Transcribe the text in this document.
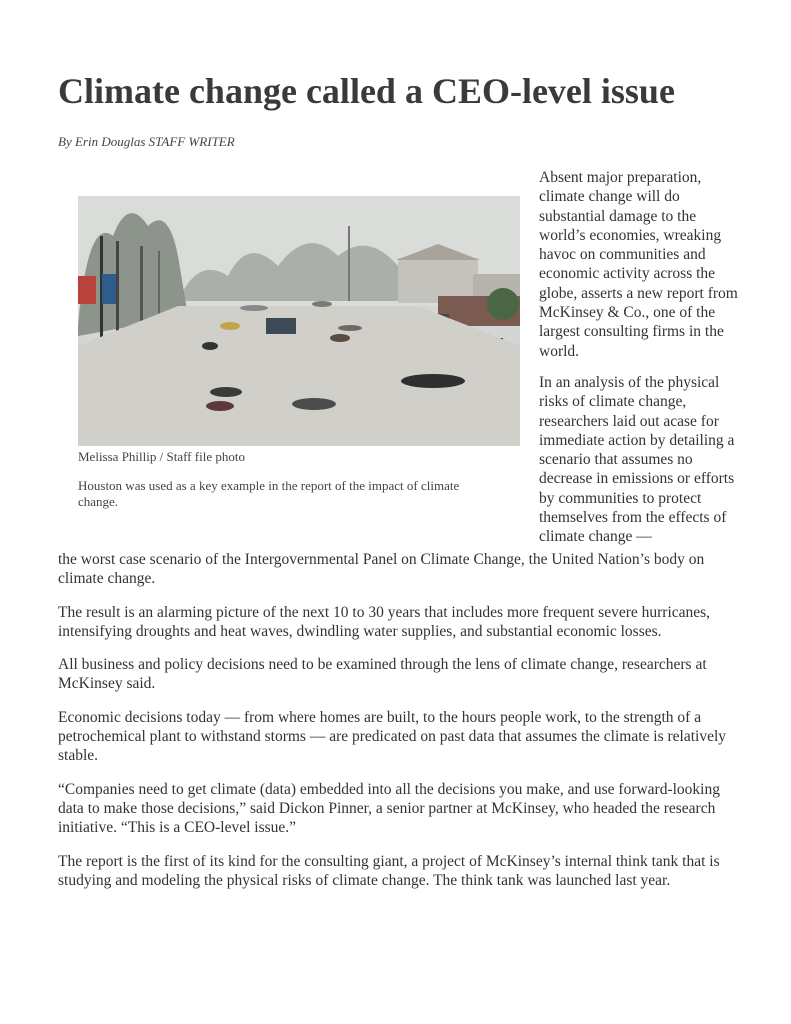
Climate change called a CEO-level issue
By Erin Douglas STAFF WRITER
Melissa Phillip / Staff file photo
Houston was used as a key example in the report of the impact of climate change.

Absent major preparation, climate change will do substantial damage to the world’s economies, wreaking havoc on communities and economic activity across the globe, asserts a new report from McKinsey & Co., one of the largest consulting firms in the world.

In an analysis of the physical risks of climate change, researchers laid out acase for immediate action by detailing a scenario that assumes no decrease in emissions or efforts by communities to protect themselves from the effects of climate change —

the worst case scenario of the Intergovernmental Panel on Climate Change, the United Nation’s body on climate change.

The result is an alarming picture of the next 10 to 30 years that includes more frequent severe hurricanes, intensifying droughts and heat waves, dwindling water supplies, and substantial economic losses.

All business and policy decisions need to be examined through the lens of climate change, researchers at McKinsey said.

Economic decisions today — from where homes are built, to the hours people work, to the strength of a petrochemical plant to withstand storms — are predicated on past data that assumes the climate is relatively stable.

“Companies need to get climate (data) embedded into all the decisions you make, and use forward-looking data to make those decisions,” said Dickon Pinner, a senior partner at McKinsey, who headed the research initiative. “This is a CEO-level issue.”

The report is the first of its kind for the consulting giant, a project of McKinsey’s internal think tank that is studying and modeling the physical risks of climate change. The think tank was launched last year.
